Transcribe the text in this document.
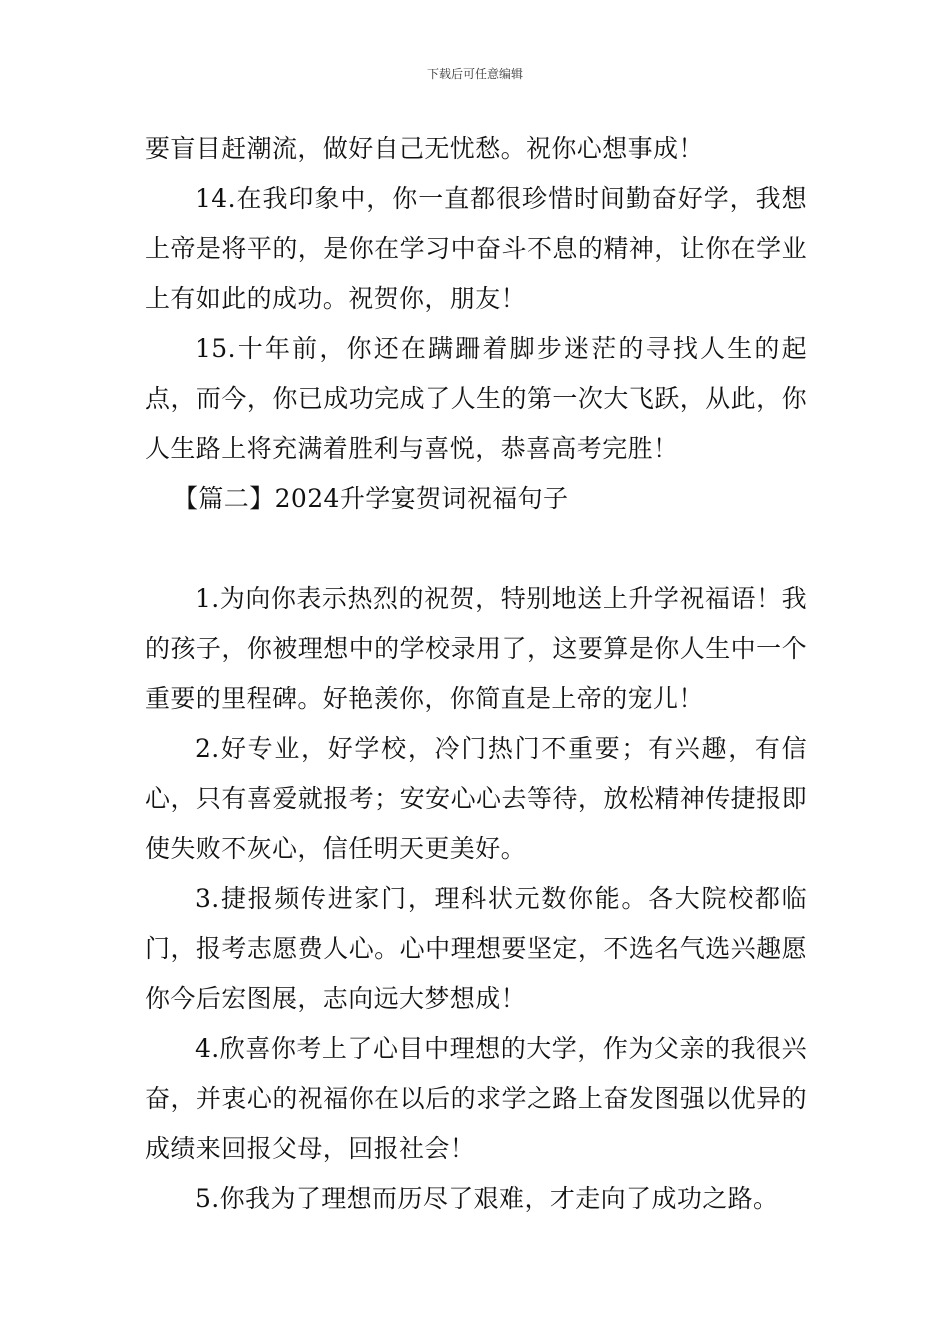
下载后可任意编辑

要盲目赶潮流，做好自己无忧愁。祝你心想事成！

14.在我印象中，你一直都很珍惜时间勤奋好学，我想上帝是将平的，是你在学习中奋斗不息的精神，让你在学业上有如此的成功。祝贺你，朋友！

15.十年前，你还在蹒跚着脚步迷茫的寻找人生的起点，而今，你已成功完成了人生的第一次大飞跃，从此，你人生路上将充满着胜利与喜悦，恭喜高考完胜！

【篇二】2024升学宴贺词祝福句子

1.为向你表示热烈的祝贺，特别地送上升学祝福语！我的孩子，你被理想中的学校录用了，这要算是你人生中一个重要的里程碑。好艳羡你，你简直是上帝的宠儿！

2.好专业，好学校，冷门热门不重要；有兴趣，有信心，只有喜爱就报考；安安心心去等待，放松精神传捷报即使失败不灰心，信任明天更美好。

3.捷报频传进家门，理科状元数你能。各大院校都临门，报考志愿费人心。心中理想要坚定，不选名气选兴趣愿你今后宏图展，志向远大梦想成！

4.欣喜你考上了心目中理想的大学，作为父亲的我很兴奋，并衷心的祝福你在以后的求学之路上奋发图强以优异的成绩来回报父母，回报社会！

5.你我为了理想而历尽了艰难，才走向了成功之路。
